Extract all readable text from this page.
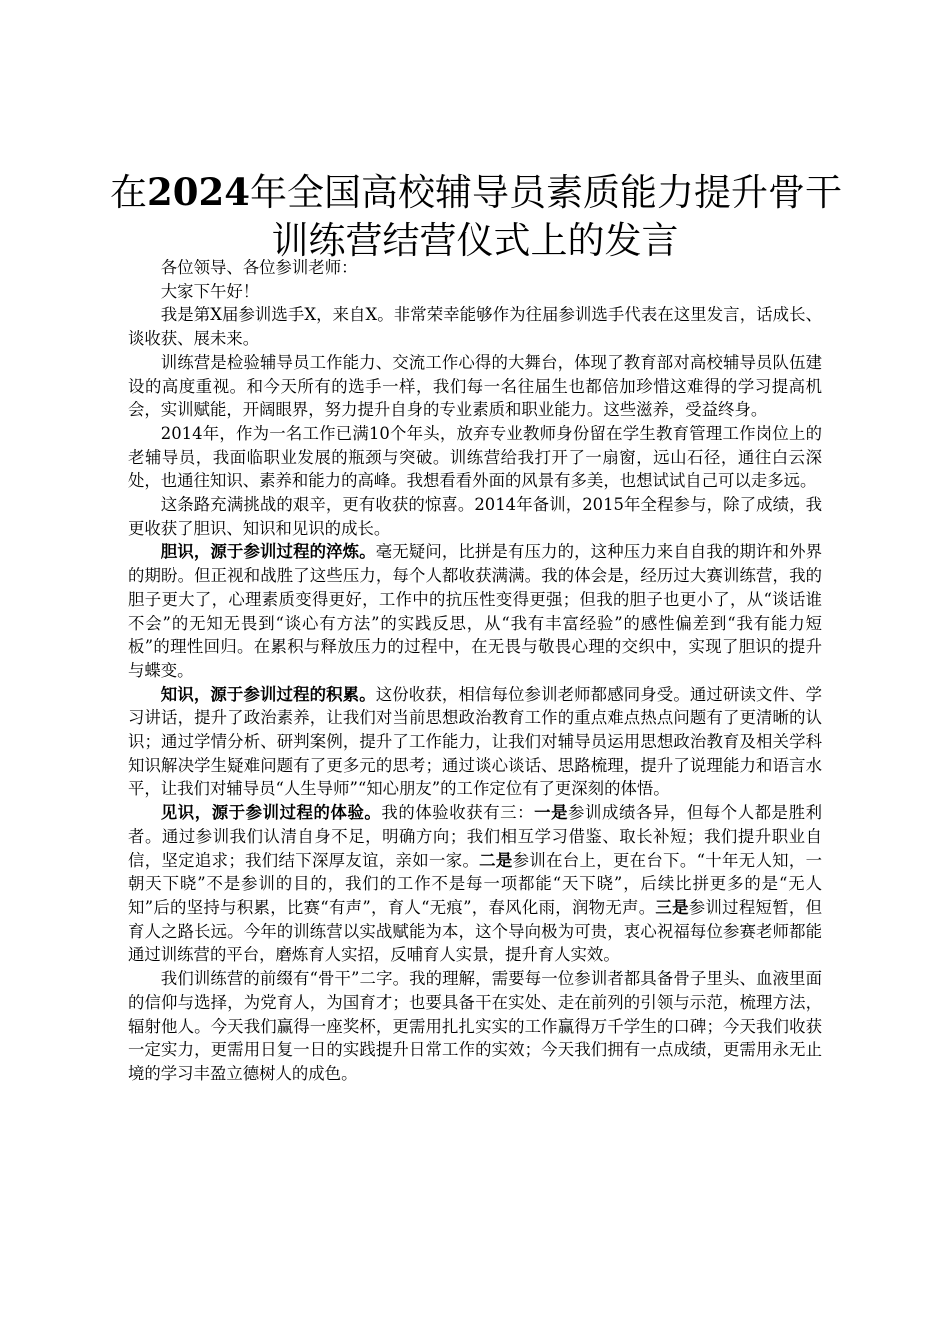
在2024年全国高校辅导员素质能力提升骨干
训练营结营仪式上的发言

各位领导、各位参训老师：

大家下午好！

我是第X届参训选手X，来自X。非常荣幸能够作为往届参训选手代表在这里发言，话成长、谈收获、展未来。

训练营是检验辅导员工作能力、交流工作心得的大舞台，体现了教育部对高校辅导员队伍建设的高度重视。和今天所有的选手一样，我们每一名往届生也都倍加珍惜这难得的学习提高机会，实训赋能，开阔眼界，努力提升自身的专业素质和职业能力。这些滋养，受益终身。

2014年，作为一名工作已满10个年头，放弃专业教师身份留在学生教育管理工作岗位上的老辅导员，我面临职业发展的瓶颈与突破。训练营给我打开了一扇窗，远山石径，通往白云深处，也通往知识、素养和能力的高峰。我想看看外面的风景有多美，也想试试自己可以走多远。

这条路充满挑战的艰辛，更有收获的惊喜。2014年备训，2015年全程参与，除了成绩，我更收获了胆识、知识和见识的成长。

胆识，源于参训过程的淬炼。毫无疑问，比拼是有压力的，这种压力来自自我的期许和外界的期盼。但正视和战胜了这些压力，每个人都收获满满。我的体会是，经历过大赛训练营，我的胆子更大了，心理素质变得更好，工作中的抗压性变得更强；但我的胆子也更小了，从“谈话谁不会”的无知无畏到“谈心有方法”的实践反思，从“我有丰富经验”的感性偏差到“我有能力短板”的理性回归。在累积与释放压力的过程中，在无畏与敬畏心理的交织中，实现了胆识的提升与蝶变。

知识，源于参训过程的积累。这份收获，相信每位参训老师都感同身受。通过研读文件、学习讲话，提升了政治素养，让我们对当前思想政治教育工作的重点难点热点问题有了更清晰的认识；通过学情分析、研判案例，提升了工作能力，让我们对辅导员运用思想政治教育及相关学科知识解决学生疑难问题有了更多元的思考；通过谈心谈话、思路梳理，提升了说理能力和语言水平，让我们对辅导员“人生导师”“知心朋友”的工作定位有了更深刻的体悟。

见识，源于参训过程的体验。我的体验收获有三：一是参训成绩各异，但每个人都是胜利者。通过参训我们认清自身不足，明确方向；我们相互学习借鉴、取长补短；我们提升职业自信，坚定追求；我们结下深厚友谊，亲如一家。二是参训在台上，更在台下。“十年无人知，一朝天下晓”不是参训的目的，我们的工作不是每一项都能“天下晓”，后续比拼更多的是“无人知”后的坚持与积累，比赛“有声”，育人“无痕”，春风化雨，润物无声。三是参训过程短暂，但育人之路长远。今年的训练营以实战赋能为本，这个导向极为可贵，衷心祝福每位参赛老师都能通过训练营的平台，磨炼育人实招，反哺育人实景，提升育人实效。

我们训练营的前缀有“骨干”二字。我的理解，需要每一位参训者都具备骨子里头、血液里面的信仰与选择，为党育人，为国育才；也要具备干在实处、走在前列的引领与示范，梳理方法，辐射他人。今天我们赢得一座奖杯，更需用扎扎实实的工作赢得万千学生的口碑；今天我们收获一定实力，更需用日复一日的实践提升日常工作的实效；今天我们拥有一点成绩，更需用永无止境的学习丰盈立德树人的成色。
